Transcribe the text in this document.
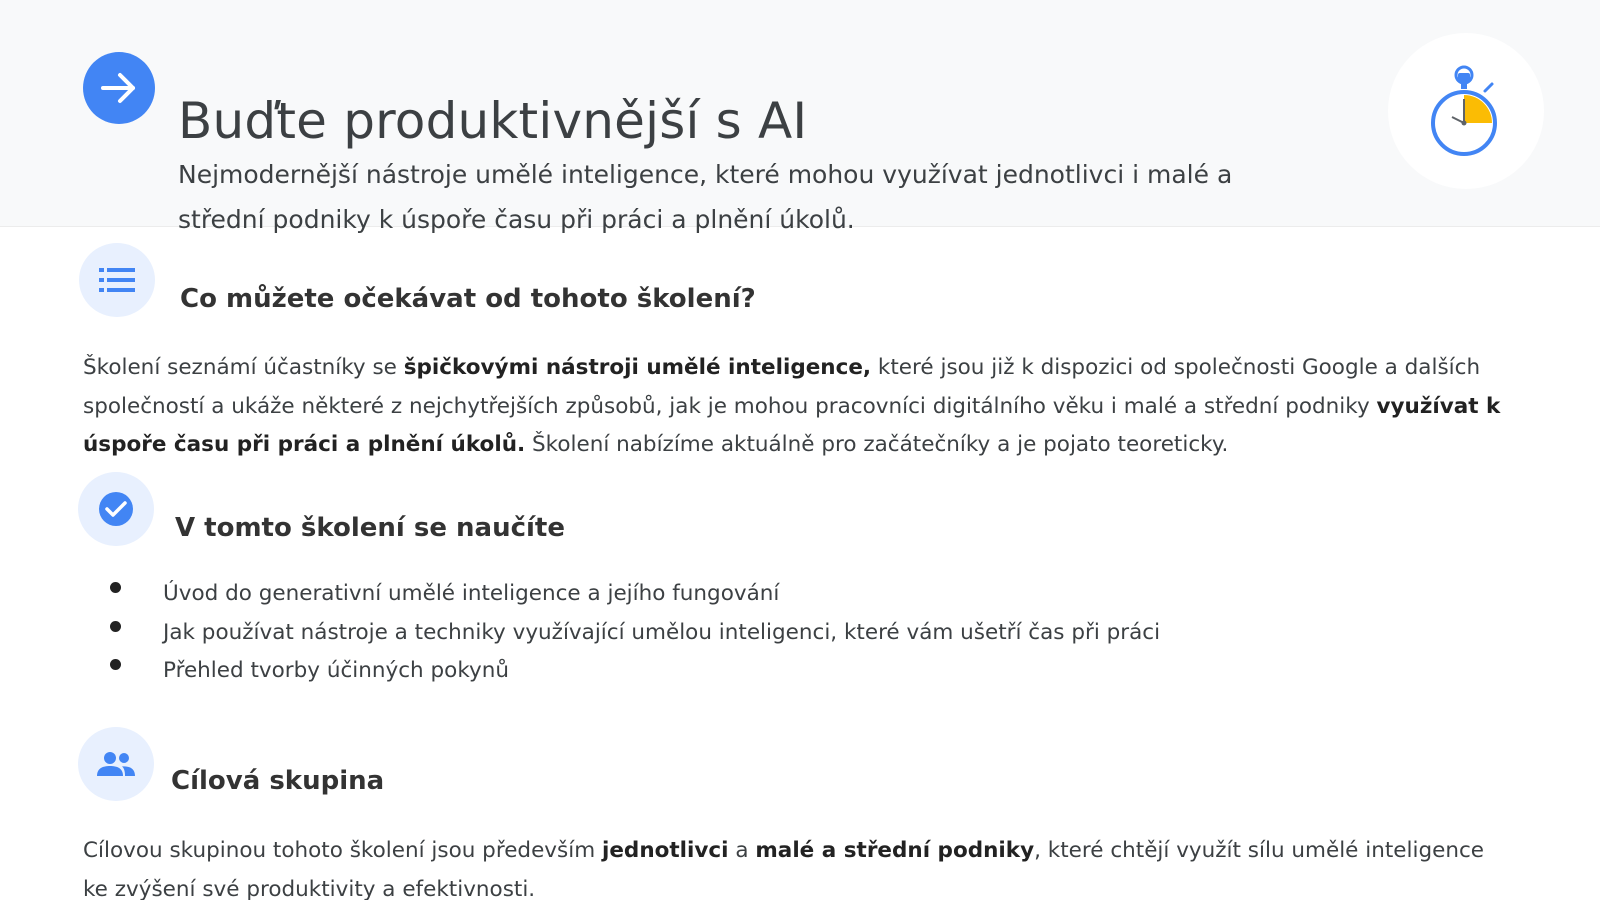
Buďte produktivnější s AI

Nejmodernější nástroje umělé inteligence, které mohou využívat jednotlivci i malé a střední podniky k úspoře času při práci a plnění úkolů.

Co můžete očekávat od tohoto školení?

Školení seznámí účastníky se špičkovými nástroji umělé inteligence, které jsou již k dispozici od společnosti Google a dalších společností a ukáže některé z nejchytřejších způsobů, jak je mohou pracovníci digitálního věku i malé a střední podniky využívat k úspoře času při práci a plnění úkolů. Školení nabízíme aktuálně pro začátečníky a je pojato teoreticky.

V tomto školení se naučíte
Úvod do generativní umělé inteligence a jejího fungování
Jak používat nástroje a techniky využívající umělou inteligenci, které vám ušetří čas při práci
Přehled tvorby účinných pokynů
Cílová skupina

Cílovou skupinou tohoto školení jsou především jednotlivci a malé a střední podniky, které chtějí využít sílu umělé inteligence ke zvýšení své produktivity a efektivnosti.
